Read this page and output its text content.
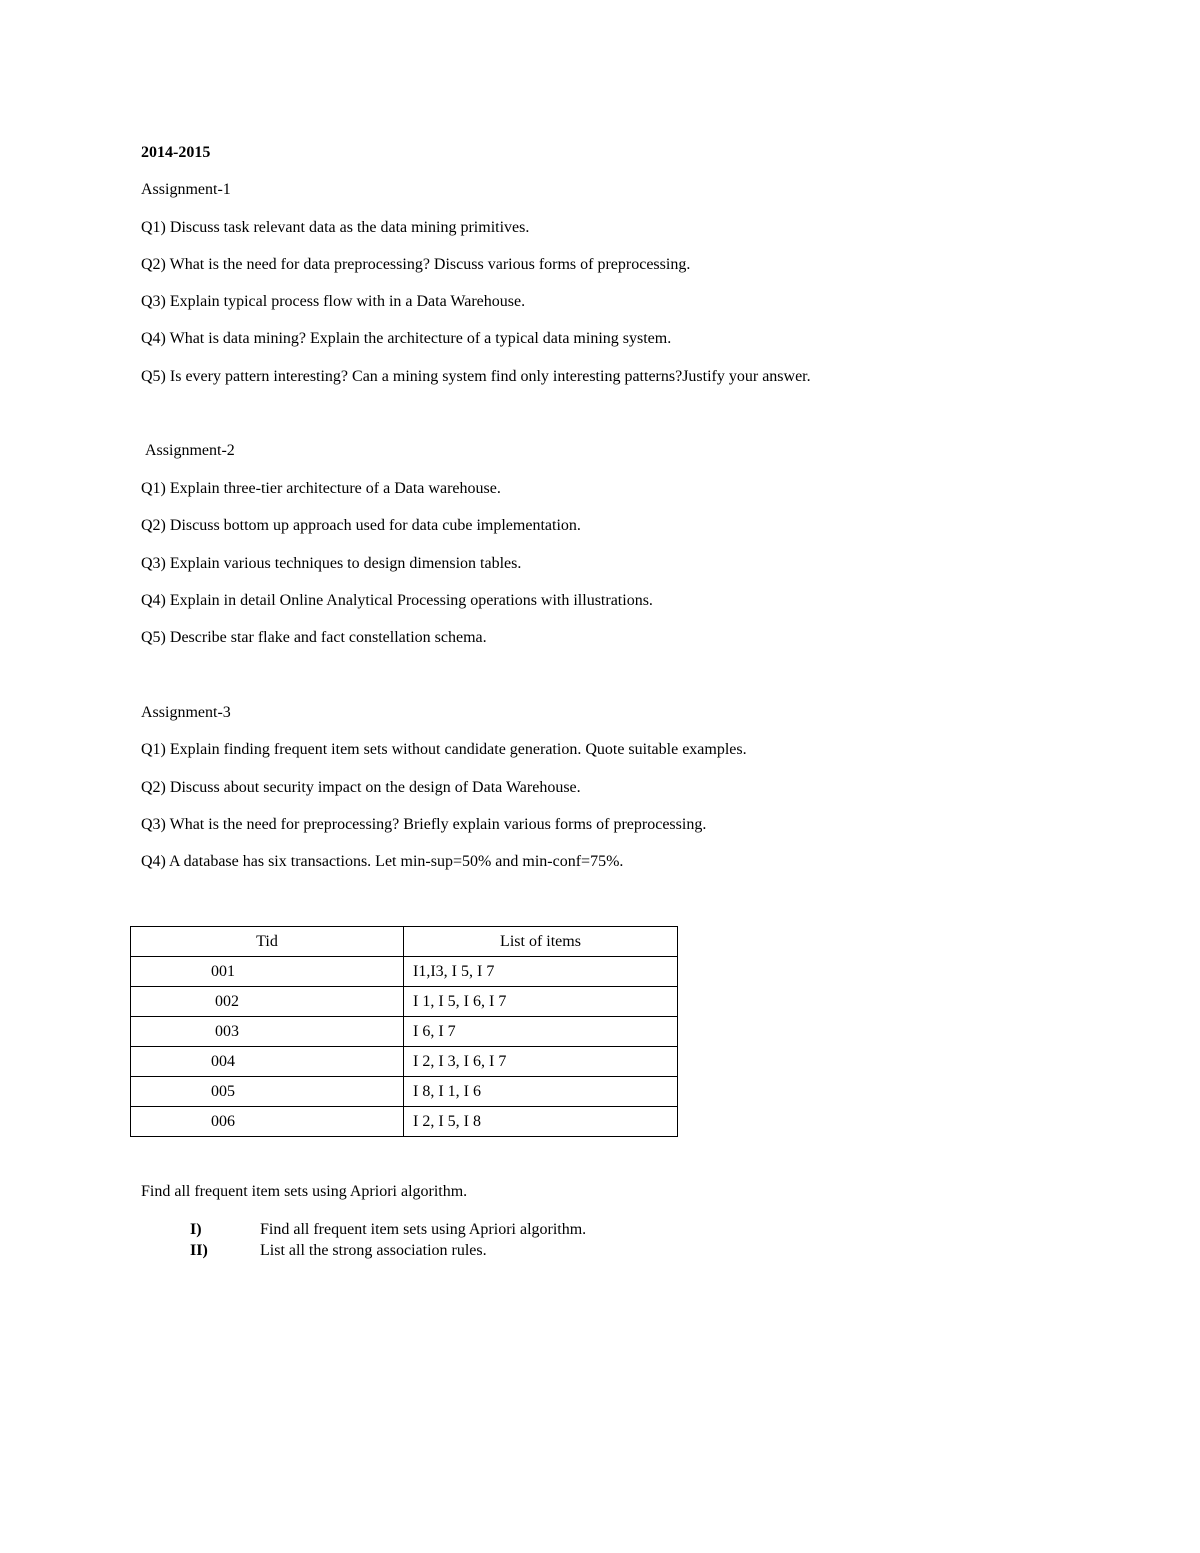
2014-2015
Assignment-1
Q1) Discuss task relevant data as the data mining primitives.
Q2) What is the need for data preprocessing? Discuss various forms of preprocessing.
Q3) Explain typical process flow with in a Data Warehouse.
Q4) What is data mining? Explain the architecture of a typical data mining system.
Q5) Is every pattern interesting? Can a mining system find only interesting patterns?Justify your answer.
Assignment-2
Q1) Explain three-tier architecture of a Data warehouse.
Q2) Discuss bottom up approach used for data cube implementation.
Q3) Explain various techniques to design dimension tables.
Q4) Explain in detail Online Analytical Processing operations with illustrations.
Q5) Describe star flake and fact constellation schema.
Assignment-3
Q1) Explain finding frequent item sets without candidate generation. Quote suitable examples.
Q2) Discuss about security impact on the design of Data Warehouse.
Q3) What is the need for preprocessing? Briefly explain various forms of preprocessing.
Q4) A database has six transactions. Let min-sup=50% and min-conf=75%.
Tid	List of items
001	I1,I3, I 5, I 7
002	I 1, I 5, I 6, I 7
003	I 6, I 7
004	I 2, I 3, I 6, I 7
005	I 8, I 1, I 6
006	I 2, I 5, I 8
Find all frequent item sets using Apriori algorithm.
I)	Find all frequent item sets using Apriori algorithm.
II)	List all the strong association rules.
